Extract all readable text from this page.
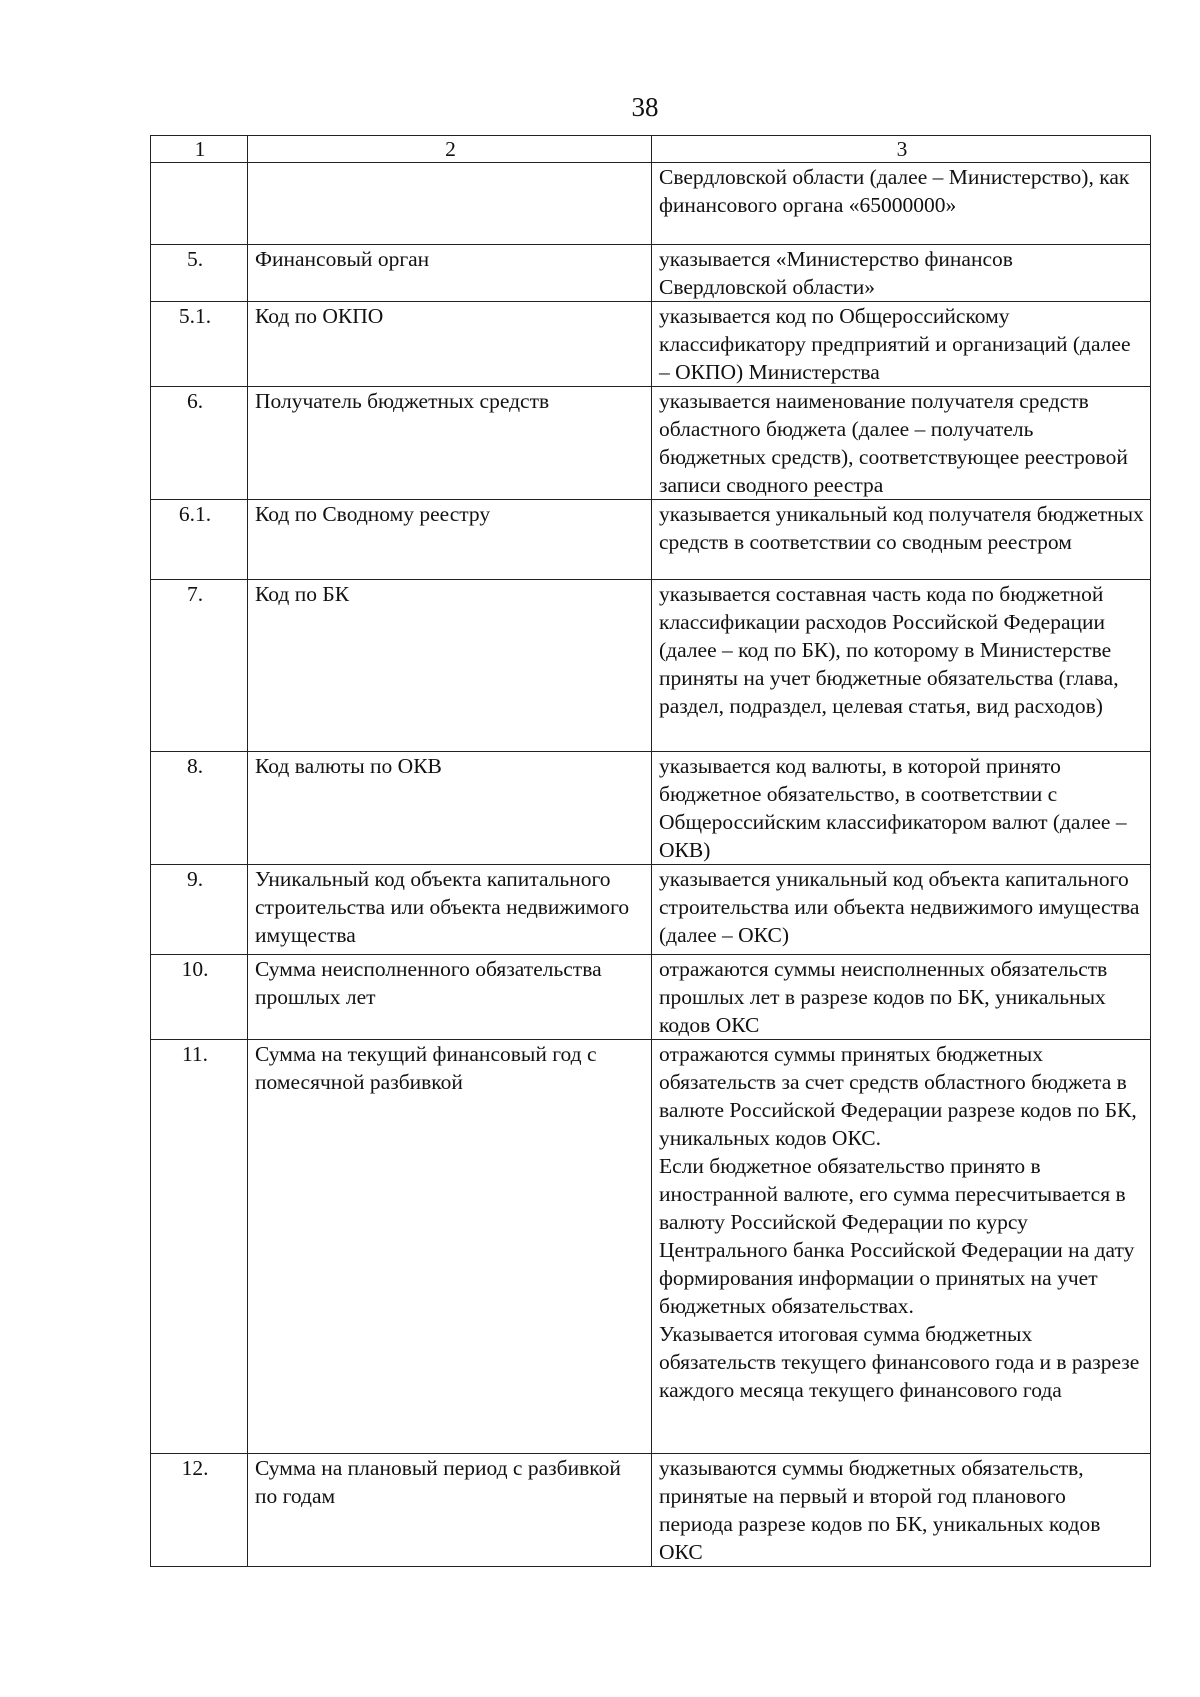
38
1	2	3

		Свердловской области (далее – Министерство), как финансового органа «65000000»

5.	Финансовый орган	указывается «Министерство финансов Свердловской области»

5.1.	Код по ОКПО	указывается код по Общероссийскому классификатору предприятий и организаций (далее – ОКПО) Министерства

6.	Получатель бюджетных средств	указывается наименование получателя средств областного бюджета (далее – получатель бюджетных средств), соответствующее реестровой записи сводного реестра

6.1.	Код по Сводному реестру	указывается уникальный код получателя бюджетных средств в соответствии со сводным реестром

7.	Код по БК	указывается составная часть кода по бюджетной классификации расходов Российской Федерации (далее – код по БК), по которому в Министерстве приняты на учет бюджетные обязательства (глава, раздел, подраздел, целевая статья, вид расходов)

8.	Код валюты по ОКВ	указывается код валюты, в которой принято бюджетное обязательство, в соответствии с Общероссийским классификатором валют (далее – ОКВ)

9.	Уникальный код объекта капитального строительства или объекта недвижимого имущества	указывается уникальный код объекта капитального строительства или объекта недвижимого имущества (далее – ОКС)

10.	Сумма неисполненного обязательства прошлых лет	отражаются суммы неисполненных обязательств прошлых лет в разрезе кодов по БК, уникальных кодов ОКС

11.	Сумма на текущий финансовый год с помесячной разбивкой	отражаются суммы принятых бюджетных обязательств за счет средств областного бюджета в валюте Российской Федерации разрезе кодов по БК, уникальных кодов ОКС.
Если бюджетное обязательство принято в иностранной валюте, его сумма пересчитывается в валюту Российской Федерации по курсу Центрального банка Российской Федерации на дату формирования информации о принятых на учет бюджетных обязательствах.
Указывается итоговая сумма бюджетных обязательств текущего финансового года и в разрезе каждого месяца текущего финансового года

12.	Сумма на плановый период с разбивкой по годам	указываются суммы бюджетных обязательств, принятые на первый и второй год планового периода разрезе кодов по БК, уникальных кодов ОКС
